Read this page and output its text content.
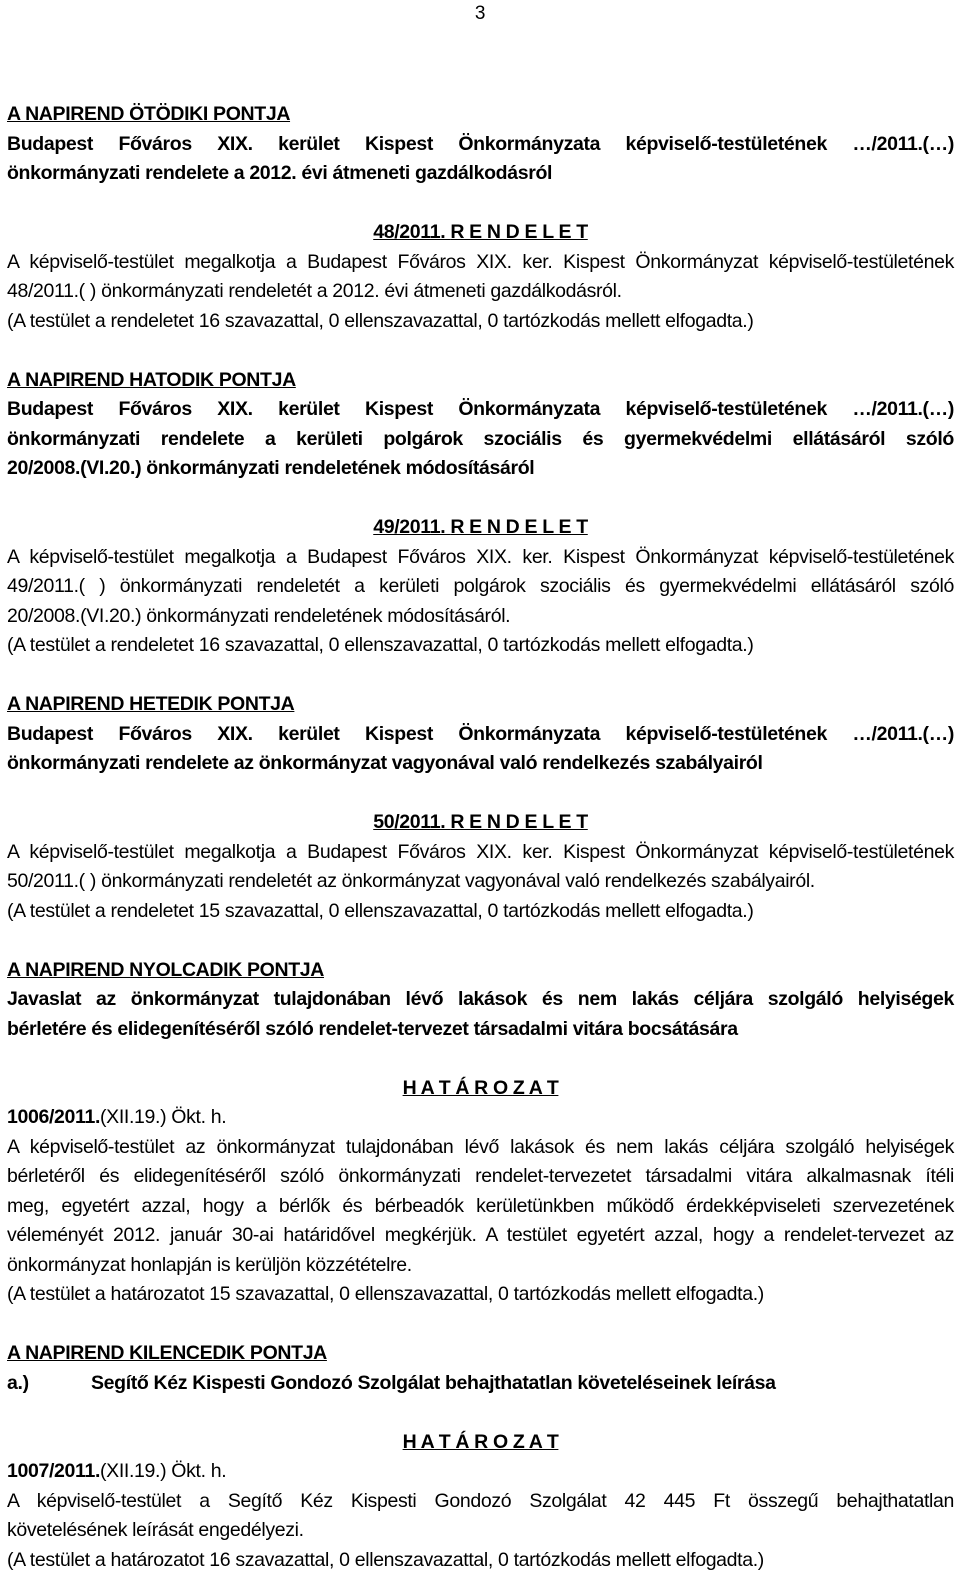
3
A NAPIREND ÖTÖDIKI PONTJA
Budapest Főváros XIX. kerület Kispest Önkormányzata képviselő-testületének …/2011.(…)
önkormányzati rendelete a 2012. évi átmeneti gazdálkodásról
48/2011. R E N D E L E T
A képviselő-testület megalkotja a Budapest Főváros XIX. ker. Kispest Önkormányzat képviselő-testületének
48/2011.( ) önkormányzati rendeletét a 2012. évi átmeneti gazdálkodásról.
(A testület a rendeletet 16 szavazattal, 0 ellenszavazattal, 0 tartózkodás mellett elfogadta.)
A NAPIREND HATODIK PONTJA
Budapest Főváros XIX. kerület Kispest Önkormányzata képviselő-testületének …/2011.(…)
önkormányzati rendelete a kerületi polgárok szociális és gyermekvédelmi ellátásáról szóló
20/2008.(VI.20.) önkormányzati rendeletének módosításáról
49/2011. R E N D E L E T
A képviselő-testület megalkotja a Budapest Főváros XIX. ker. Kispest Önkormányzat képviselő-testületének
49/2011.( ) önkormányzati rendeletét a kerületi polgárok szociális és gyermekvédelmi ellátásáról szóló
20/2008.(VI.20.) önkormányzati rendeletének módosításáról.
(A testület a rendeletet 16 szavazattal, 0 ellenszavazattal, 0 tartózkodás mellett elfogadta.)
A NAPIREND HETEDIK PONTJA
Budapest Főváros XIX. kerület Kispest Önkormányzata képviselő-testületének …/2011.(…)
önkormányzati rendelete az önkormányzat vagyonával való rendelkezés szabályairól
50/2011. R E N D E L E T
A képviselő-testület megalkotja a Budapest Főváros XIX. ker. Kispest Önkormányzat képviselő-testületének
50/2011.( ) önkormányzati rendeletét az önkormányzat vagyonával való rendelkezés szabályairól.
(A testület a rendeletet 15 szavazattal, 0 ellenszavazattal, 0 tartózkodás mellett elfogadta.)
A NAPIREND NYOLCADIK PONTJA
Javaslat az önkormányzat tulajdonában lévő lakások és nem lakás céljára szolgáló helyiségek
bérletére és elidegenítéséről szóló rendelet-tervezet társadalmi vitára bocsátására
H A T Á R O Z A T
1006/2011.(XII.19.) Ökt. h.
A képviselő-testület az önkormányzat tulajdonában lévő lakások és nem lakás céljára szolgáló helyiségek
bérletéről és elidegenítéséről szóló önkormányzati rendelet-tervezetet társadalmi vitára alkalmasnak ítéli
meg, egyetért azzal, hogy a bérlők és bérbeadók kerületünkben működő érdekképviseleti szervezetének
véleményét 2012. január 30-ai határidővel megkérjük. A testület egyetért azzal, hogy a rendelet-tervezet az
önkormányzat honlapján is kerüljön közzétételre.
(A testület a határozatot 15 szavazattal, 0 ellenszavazattal, 0 tartózkodás mellett elfogadta.)
A NAPIREND KILENCEDIK PONTJA
a.)	Segítő Kéz Kispesti Gondozó Szolgálat behajthatatlan követeléseinek leírása
H A T Á R O Z A T
1007/2011.(XII.19.) Ökt. h.
A képviselő-testület a Segítő Kéz Kispesti Gondozó Szolgálat 42 445 Ft összegű behajthatatlan
követelésének leírását engedélyezi.
(A testület a határozatot 16 szavazattal, 0 ellenszavazattal, 0 tartózkodás mellett elfogadta.)
